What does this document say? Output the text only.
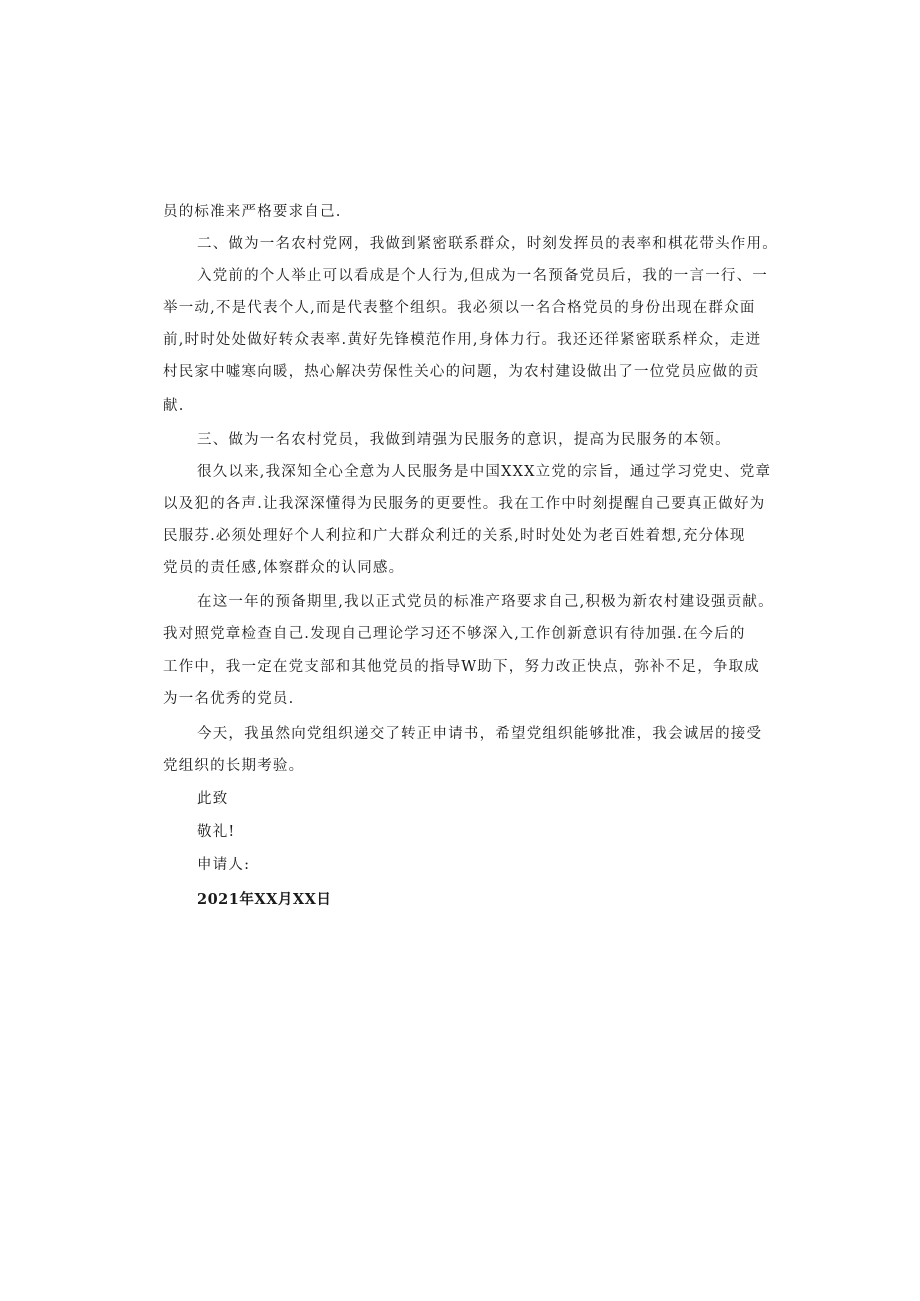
员的标准来严格要求自己.
二、做为一名农村党网，我做到紧密联系群众，时刻发挥员的表率和棋花带头作用。
入党前的个人举止可以看成是个人行为,但成为一名预备党员后，我的一言一行、一
举一动,不是代表个人,而是代表整个组织。我必须以一名合格党员的身份出现在群众面
前,时时处处做好转众表率.黄好先锋模范作用,身体力行。我还还徉紧密联系样众，走迸
村民家中嘘寒向暖，热心解决劳保性关心的问题，为农村建设做出了一位党员应做的贡
献.
三、做为一名农村党员，我做到靖强为民服务的意识，提高为民服务的本领。
很久以来,我深知全心全意为人民服务是中国XXX立党的宗旨，通过学习党史、党章
以及犯的各声.让我深深懂得为民服务的更要性。我在工作中时刻提醒自己要真正做好为
民服芬.必须处理好个人利拉和广大群众利迁的关系,时时处处为老百姓着想,充分体现
党员的责任感,体察群众的认同感。
在这一年的预备期里,我以正式党员的标准产珞要求自己,积极为新农村建设强贡献。
我对照党章检查自己.发现自己理论学习还不够深入,工作创新意识有待加强.在今后的
工作中，我一定在党支部和其他党员的指导W助下，努力改正快点，弥补不足，争取成
为一名优秀的党员.
今天，我虽然向党组织递交了转正申请书，希望党组织能够批准，我会诚居的接受
党组织的长期考验。
此致
敬礼!
申请人:
2021年XX月XX日
